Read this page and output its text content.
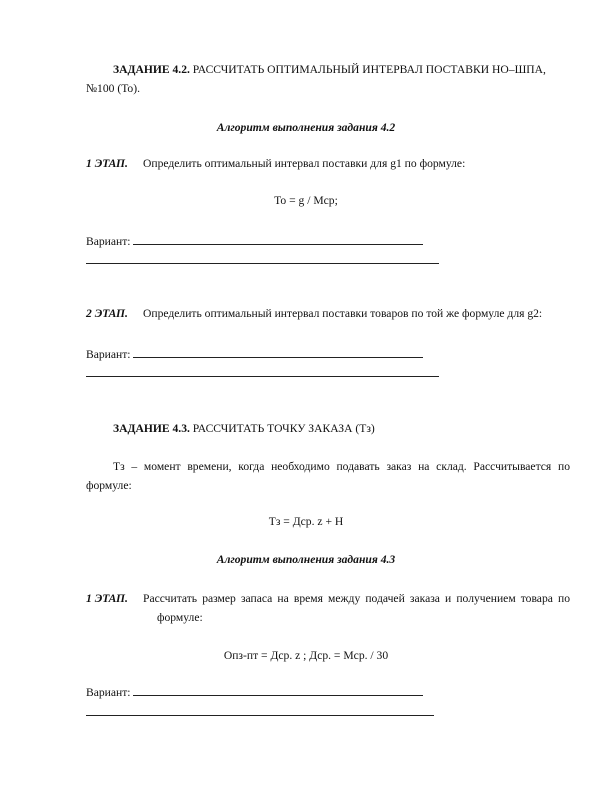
ЗАДАНИЕ 4.2. РАССЧИТАТЬ ОПТИМАЛЬНЫЙ ИНТЕРВАЛ ПОСТАВКИ НО–ШПА,
№100 (То).
Алгоритм выполнения задания 4.2
1 ЭТАП. Определить оптимальный интервал поставки для g1 по формуле:
То = g / Мср;
Вариант:
2 ЭТАП. Определить оптимальный интервал поставки товаров по той же формуле для g2:
Вариант:
ЗАДАНИЕ 4.3. РАССЧИТАТЬ ТОЧКУ ЗАКАЗА (Тз)
Тз – момент времени, когда необходимо подавать заказ на склад. Рассчитывается по
формуле:
Тз = Дср. z + Н
Алгоритм выполнения задания 4.3
1 ЭТАП. Рассчитать размер запаса на время между подачей заказа и получением товара по
формуле:
Опз-пт = Дср. z ; Дср. = Мср. / 30
Вариант:
